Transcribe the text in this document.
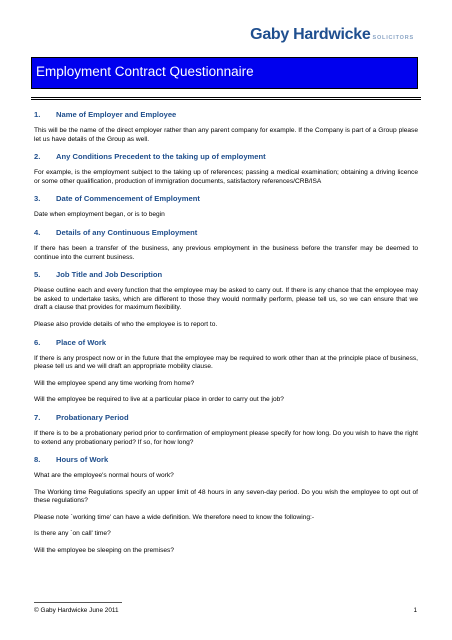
Gaby Hardwicke SOLICITORS
Employment Contract Questionnaire
1. Name of Employer and Employee
This will be the name of the direct employer rather than any parent company for example. If the Company is part of a Group please let us have details of the Group as well.
2. Any Conditions Precedent to the taking up of employment
For example, is the employment subject to the taking up of references; passing a medical examination; obtaining a driving licence or some other qualification, production of immigration documents, satisfactory references/CRB/ISA
3. Date of Commencement of Employment
Date when employment began, or is to begin
4. Details of any Continuous Employment
If there has been a transfer of the business, any previous employment in the business before the transfer may be deemed to continue into the current business.
5. Job Title and Job Description
Please outline each and every function that the employee may be asked to carry out. If there is any chance that the employee may be asked to undertake tasks, which are different to those they would normally perform, please tell us, so we can ensure that we draft a clause that provides for maximum flexibility.
Please also provide details of who the employee is to report to.
6. Place of Work
If there is any prospect now or in the future that the employee may be required to work other than at the principle place of business, please tell us and we will draft an appropriate mobility clause.
Will the employee spend any time working from home?
Will the employee be required to live at a particular place in order to carry out the job?
7. Probationary Period
If there is to be a probationary period prior to confirmation of employment please specify for how long. Do you wish to have the right to extend any probationary period? If so, for how long?
8. Hours of Work
What are the employee's normal hours of work?
The Working time Regulations specify an upper limit of 48 hours in any seven-day period. Do you wish the employee to opt out of these regulations?
Please note `working time' can have a wide definition. We therefore need to know the following:-
Is there any `on call' time?
Will the employee be sleeping on the premises?
© Gaby Hardwicke June 2011	1
